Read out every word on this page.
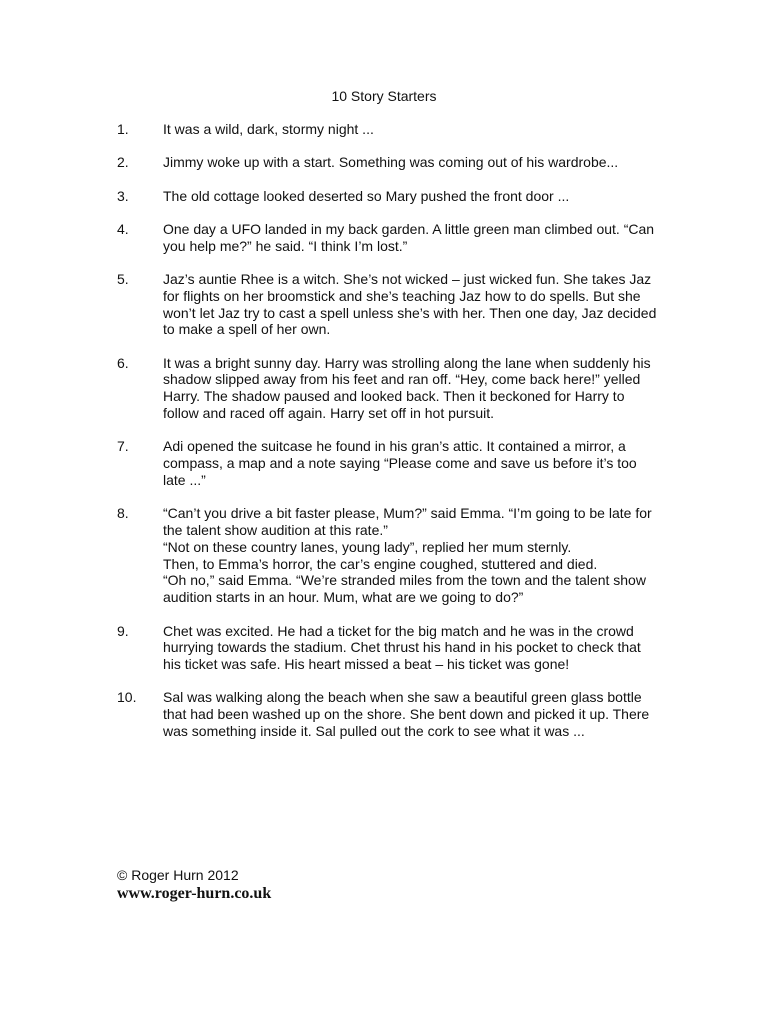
10 Story Starters
1. It was a wild, dark, stormy night ...

2. Jimmy woke up with a start. Something was coming out of his wardrobe...

3. The old cottage looked deserted so Mary pushed the front door ...

4. One day a UFO landed in my back garden. A little green man climbed out. “Can you help me?” he said. “I think I’m lost.”

5. Jaz’s auntie Rhee is a witch. She’s not wicked – just wicked fun. She takes Jaz for flights on her broomstick and she’s teaching Jaz how to do spells. But she won’t let Jaz try to cast a spell unless she’s with her. Then one day, Jaz decided to make a spell of her own.

6. It was a bright sunny day. Harry was strolling along the lane when suddenly his shadow slipped away from his feet and ran off. “Hey, come back here!” yelled Harry. The shadow paused and looked back. Then it beckoned for Harry to follow and raced off again. Harry set off in hot pursuit.

7. Adi opened the suitcase he found in his gran’s attic. It contained a mirror, a compass, a map and a note saying “Please come and save us before it’s too late ...”

8. “Can’t you drive a bit faster please, Mum?” said Emma. “I’m going to be late for the talent show audition at this rate.”

“Not on these country lanes, young lady”, replied her mum sternly.

Then, to Emma’s horror, the car’s engine coughed, stuttered and died.

“Oh no,” said Emma. “We’re stranded miles from the town and the talent show audition starts in an hour. Mum, what are we going to do?”

9. Chet was excited. He had a ticket for the big match and he was in the crowd hurrying towards the stadium. Chet thrust his hand in his pocket to check that his ticket was safe. His heart missed a beat – his ticket was gone!

10. Sal was walking along the beach when she saw a beautiful green glass bottle that had been washed up on the shore. She bent down and picked it up. There was something inside it. Sal pulled out the cork to see what it was ...

© Roger Hurn 2012

www.roger-hurn.co.uk
